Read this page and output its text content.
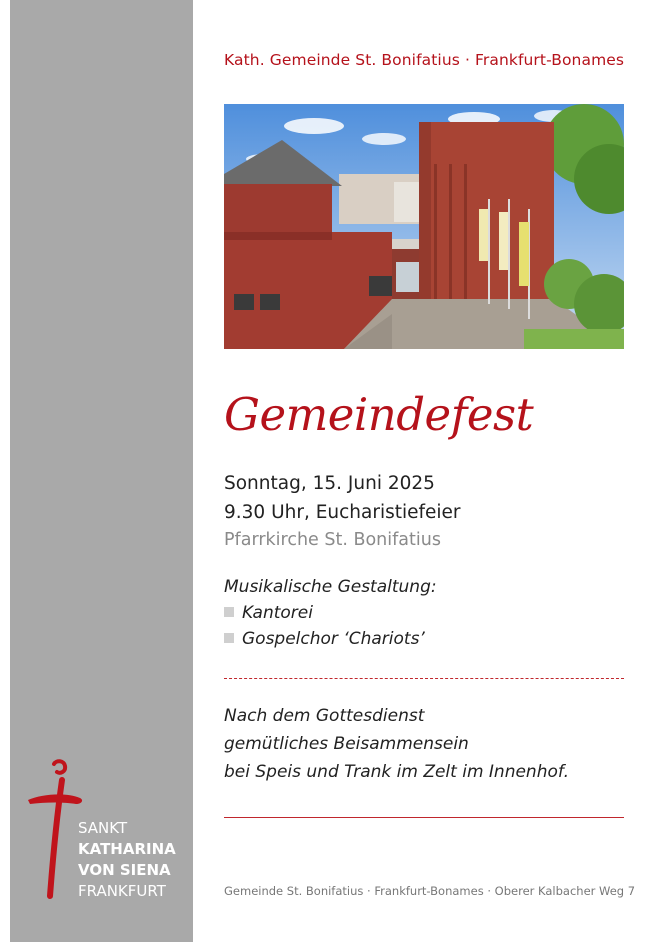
Kath. Gemeinde St. Bonifatius · Frankfurt-Bonames
Gemeindefest
Sonntag, 15. Juni 2025
9.30 Uhr, Eucharistiefeier
Pfarrkirche St. Bonifatius
Musikalische Gestaltung:
Kantorei
Gospelchor ‘Chariots’
Nach dem Gottesdienst
gemütliches Beisammensein
bei Speis und Trank im Zelt im Innenhof.
Gemeinde St. Bonifatius · Frankfurt-Bonames · Oberer Kalbacher Weg 7
SANKT
KATHARINA
VON SIENA
FRANKFURT
